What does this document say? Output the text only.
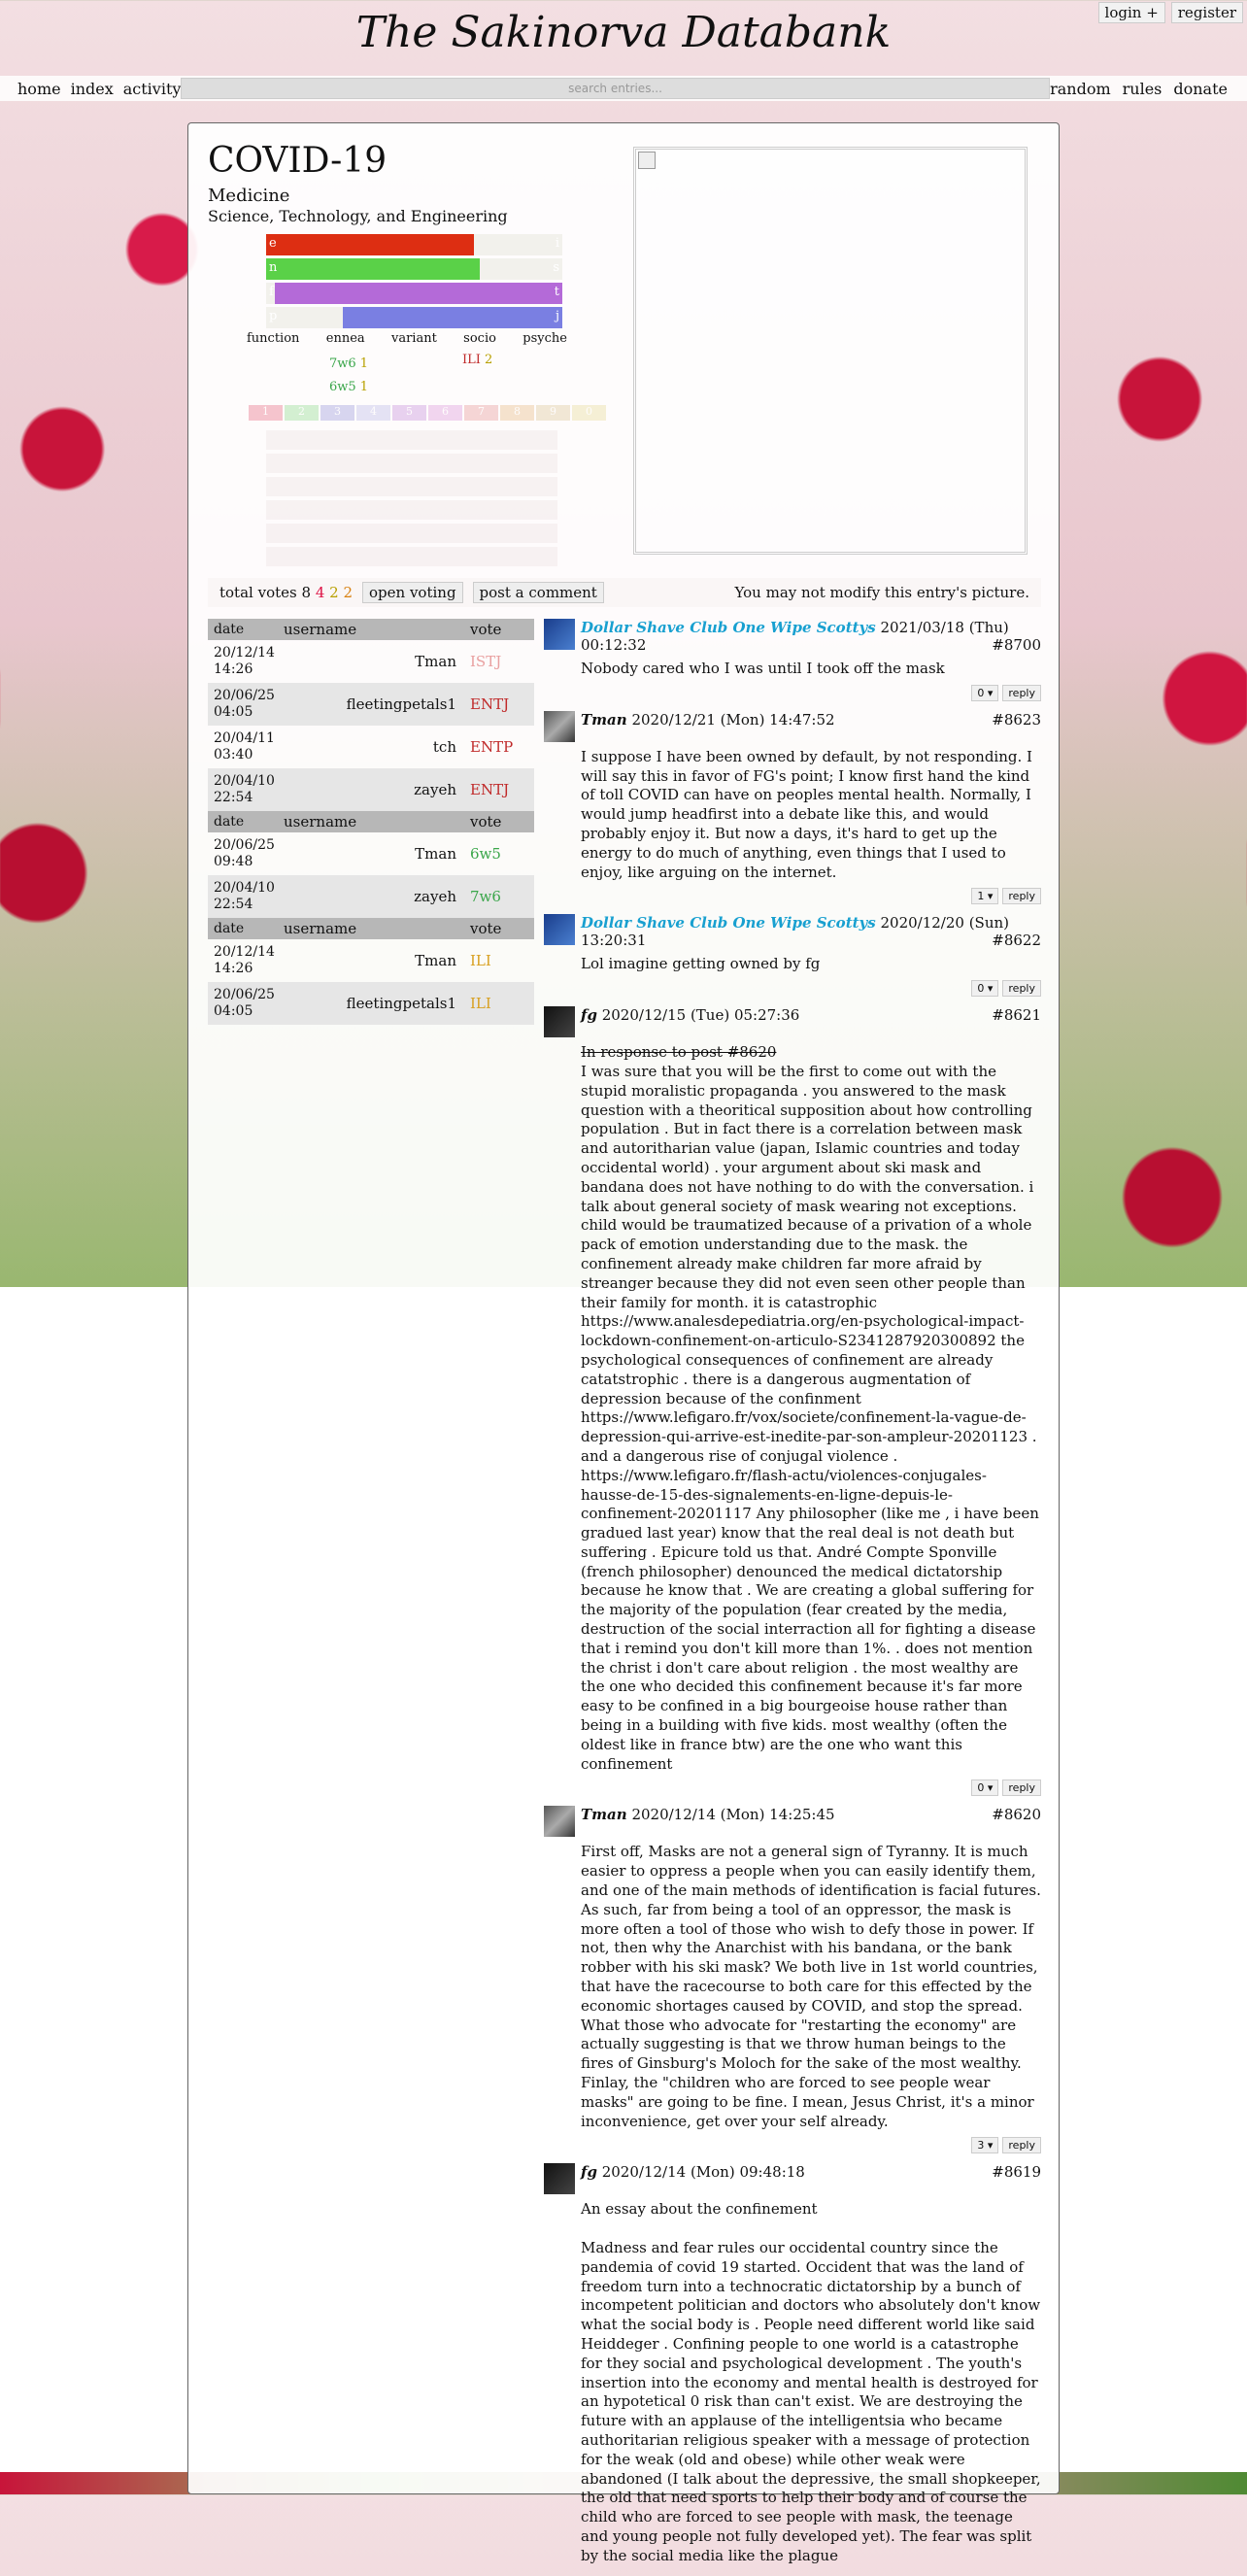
The Sakinorva Databank	login +	register
home index activity	search entries...	random rules donate
COVID-19
Medicine
Science, Technology, and Engineering
e	i
n	s
f	t
p	j
function ennea variant socio psyche
7w6 1
6w5 1
ILI 2
1	2	3	4	5	6	7	8	9	0
total votes 8 4 2 2	open voting	post a comment	You may not modify this entry's picture.
date	username	vote
20/12/14 14:26	Tman ISTJ
20/06/25 04:05	fleetingpetals1 ENTJ
20/04/11 03:40	tch ENTP
20/04/10 22:54	zayeh ENTJ
date	username	vote
20/06/25 09:48	Tman 6w5
20/04/10 22:54	zayeh 7w6
date	username	vote
20/12/14 14:26	Tman ILI
20/06/25 04:05	fleetingpetals1 ILI
Dollar Shave Club One Wipe Scottys 2021/03/18 (Thu) 00:12:32	#8700
Nobody cared who I was until I took off the mask
0 ▾	reply
Tman 2020/12/21 (Mon) 14:47:52	#8623
I suppose I have been owned by default, by not responding. I will say this in favor of FG's point; I know first hand the kind of toll COVID can have on peoples mental health. Normally, I would jump headfirst into a debate like this, and would probably enjoy it. But now a days, it's hard to get up the energy to do much of anything, even things that I used to enjoy, like arguing on the internet.
1 ▾	reply
Dollar Shave Club One Wipe Scottys 2020/12/20 (Sun) 13:20:31	#8622
Lol imagine getting owned by fg
0 ▾	reply
fg 2020/12/15 (Tue) 05:27:36	#8621
In response to post #8620
I was sure that you will be the first to come out with the stupid moralistic propaganda . you answered to the mask question with a theoritical supposition about how controlling population . But in fact there is a correlation between mask and autoritharian value (japan, Islamic countries and today occidental world) . your argument about ski mask and bandana does not have nothing to do with the conversation. i talk about general society of mask wearing not exceptions. child would be traumatized because of a privation of a whole pack of emotion understanding due to the mask. the confinement already make children far more afraid by streanger because they did not even seen other people than their family for month. it is catastrophic https://www.analesdepediatria.org/en-psychological-impact-lockdown-confinement-on-articulo-S2341287920300892 the psychological consequences of confinement are already catatstrophic . there is a dangerous augmentation of depression because of the confinment https://www.lefigaro.fr/vox/societe/confinement-la-vague-de-depression-qui-arrive-est-inedite-par-son-ampleur-20201123 . and a dangerous rise of conjugal violence . https://www.lefigaro.fr/flash-actu/violences-conjugales-hausse-de-15-des-signalements-en-ligne-depuis-le-confinement-20201117 Any philosopher (like me , i have been gradued last year) know that the real deal is not death but suffering . Epicure told us that. André Compte Sponville (french philosopher) denounced the medical dictatorship because he know that . We are creating a global suffering for the majority of the population (fear created by the media, destruction of the social interraction all for fighting a disease that i remind you don't kill more than 1%. . does not mention the christ i don't care about religion . the most wealthy are the one who decided this confinement because it's far more easy to be confined in a big bourgeoise house rather than being in a building with five kids. most wealthy (often the oldest like in france btw) are the one who want this confinement
0 ▾	reply
Tman 2020/12/14 (Mon) 14:25:45	#8620
First off, Masks are not a general sign of Tyranny. It is much easier to oppress a people when you can easily identify them, and one of the main methods of identification is facial futures. As such, far from being a tool of an oppressor, the mask is more often a tool of those who wish to defy those in power. If not, then why the Anarchist with his bandana, or the bank robber with his ski mask? We both live in 1st world countries, that have the racecourse to both care for this effected by the economic shortages caused by COVID, and stop the spread. What those who advocate for "restarting the economy" are actually suggesting is that we throw human beings to the fires of Ginsburg's Moloch for the sake of the most wealthy. Finlay, the "children who are forced to see people wear masks" are going to be fine. I mean, Jesus Christ, it's a minor inconvenience, get over your self already.
3 ▾	reply
fg 2020/12/14 (Mon) 09:48:18	#8619
An essay about the confinement

Madness and fear rules our occidental country since the pandemia of covid 19 started. Occident that was the land of freedom turn into a technocratic dictatorship by a bunch of incompetent politician and doctors who absolutely don't know what the social body is . People need different world like said Heiddeger . Confining people to one world is a catastrophe for they social and psychological development . The youth's insertion into the economy and mental health is destroyed for an hypotetical 0 risk than can't exist. We are destroying the future with an applause of the intelligentsia who became authoritarian religious speaker with a message of protection for the weak (old and obese) while other weak were abandoned (I talk about the depressive, the small shopkeeper, the old that need sports to help their body and of course the child who are forced to see people with mask, the teenage and young people not fully developed yet). The fear was split by the social media like the plague
